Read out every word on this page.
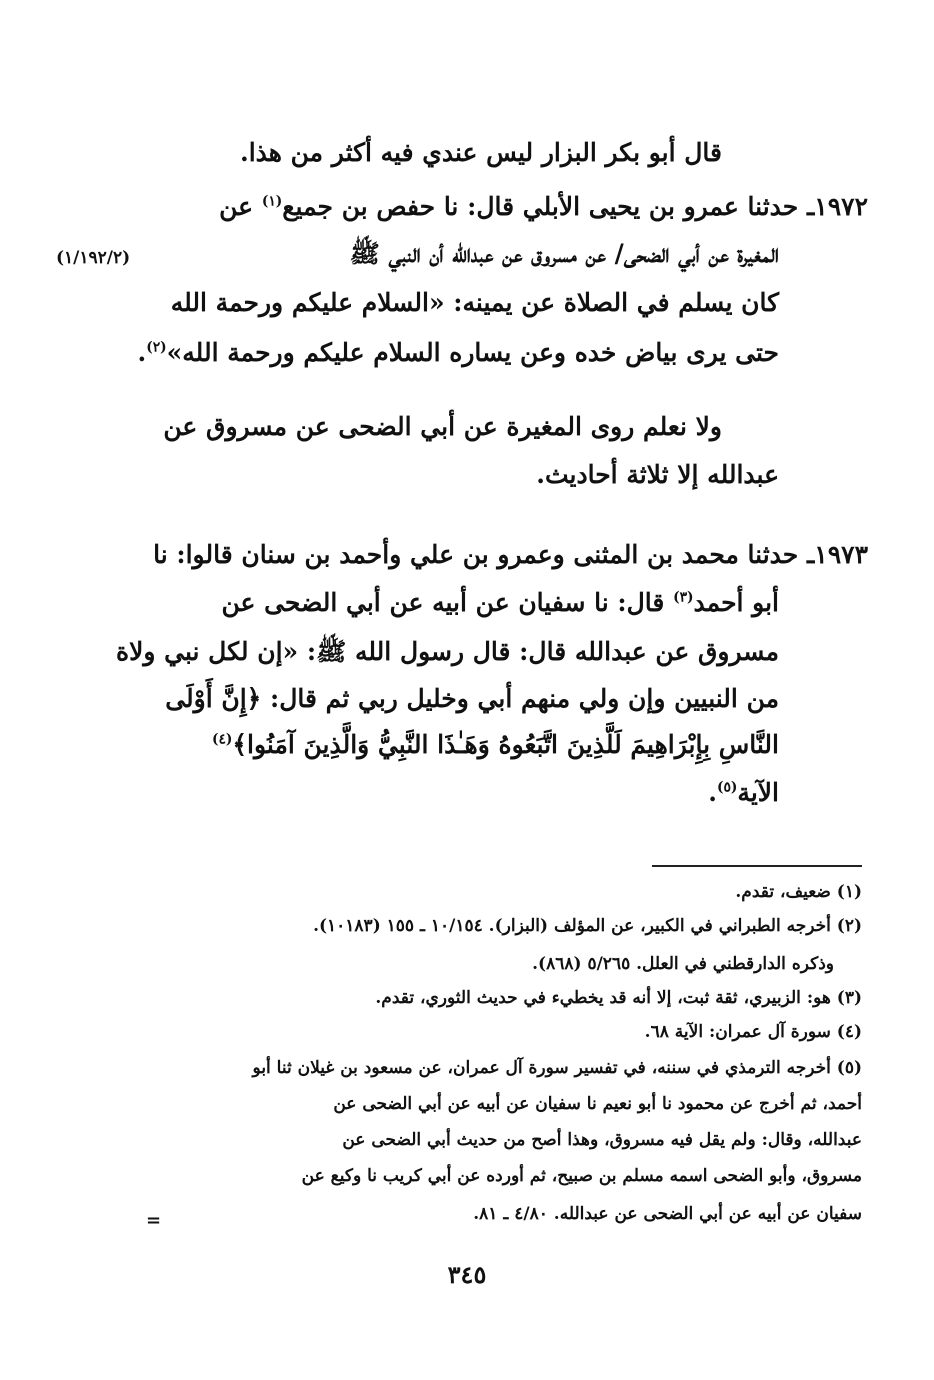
قال أبو بكر البزار ليس عندي فيه أكثر من هذا.
١٩٧٢ـ حدثنا عمرو بن يحيى الأبلي قال: نا حفص بن جميع$^{(١)}$ عن
المغيرة عن أبي الضحى/ عن مسروق عن عبدالله أن النبي ﷺ
(١/١٩٢/٢)
كان يسلم في الصلاة عن يمينه: «السلام عليكم ورحمة الله
حتى يرى بياض خده وعن يساره السلام عليكم ورحمة الله»$^{(٢)}$.
ولا نعلم روى المغيرة عن أبي الضحى عن مسروق عن
عبدالله إلا ثلاثة أحاديث.
١٩٧٣ـ حدثنا محمد بن المثنى وعمرو بن علي وأحمد بن سنان قالوا: نا
أبو أحمد$^{(٣)}$ قال: نا سفيان عن أبيه عن أبي الضحى عن
مسروق عن عبدالله قال: قال رسول الله ﷺ: «إن لكل نبي ولاة
من النبيين وإن ولي منهم أبي وخليل ربي ثم قال: ﴿إِنَّ أَوْلَى
النَّاسِ بِإِبْرَاهِيمَ لَلَّذِينَ اتَّبَعُوهُ وَهَـٰذَا النَّبِيُّ وَالَّذِينَ آمَنُوا﴾$^{(٤)}$
الآية$^{(٥)}$.
(١) ضعيف، تقدم.
(٢) أخرجه الطبراني في الكبير، عن المؤلف (البزار). ١٠/١٥٤ ـ ١٥٥ (١٠١٨٣).
وذكره الدارقطني في العلل. ٥/٢٦٥ (٨٦٨).
(٣) هو: الزبيري، ثقة ثبت، إلا أنه قد يخطيء في حديث الثوري، تقدم.
(٤) سورة آل عمران: الآية ٦٨.
(٥) أخرجه الترمذي في سننه، في تفسير سورة آل عمران، عن مسعود بن غيلان ثنا أبو
أحمد، ثم أخرج عن محمود نا أبو نعيم نا سفيان عن أبيه عن أبي الضحى عن
عبدالله، وقال: ولم يقل فيه مسروق، وهذا أصح من حديث أبي الضحى عن
مسروق، وأبو الضحى اسمه مسلم بن صبيح، ثم أورده عن أبي كريب نا وكيع عن
سفيان عن أبيه عن أبي الضحى عن عبدالله. ٤/٨٠ ـ ٨١.
=
٣٤٥
